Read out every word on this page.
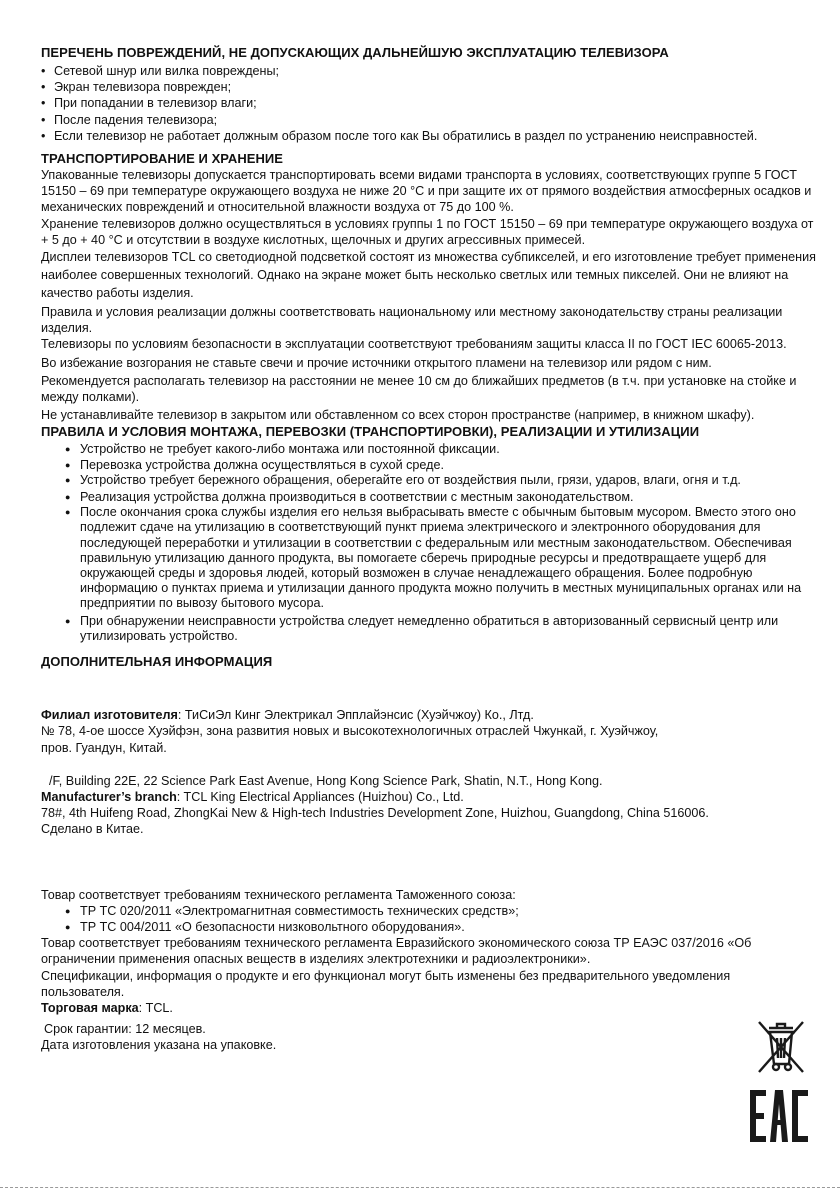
ПЕРЕЧЕНЬ ПОВРЕЖДЕНИЙ, НЕ ДОПУСКАЮЩИХ ДАЛЬНЕЙШУЮ ЭКСПЛУАТАЦИЮ ТЕЛЕВИЗОРА
• Сетевой шнур или вилка повреждены;
• Экран телевизора поврежден;
• При попадании в телевизор влаги;
• После падения телевизора;
• Если телевизор не работает должным образом после того как Вы обратились в раздел по устранению неисправностей.
ТРАНСПОРТИРОВАНИЕ И ХРАНЕНИЕ

Упакованные телевизоры допускается транспортировать всеми видами транспорта в условиях, соответствующих группе 5 ГОСТ 15150 – 69 при температуре окружающего воздуха не ниже 20 °С и при защите их от прямого воздействия атмосферных осадков и механических повреждений и относительной влажности воздуха от 75 до 100 %.

Хранение телевизоров должно осуществляться в условиях группы 1 по ГОСТ 15150 – 69 при температуре окружающего воздуха от + 5 до + 40 °С и отсутствии в воздухе кислотных, щелочных и других агрессивных примесей.

Дисплеи телевизоров TCL со светодиодной подсветкой состоят из множества субпикселей, и его изготовление требует применения наиболее совершенных технологий. Однако на экране может быть несколько светлых или темных пикселей. Они не влияют на качество работы изделия.

Правила и условия реализации должны соответствовать национальному или местному законодательству страны реализации изделия.

Телевизоры по условиям безопасности в эксплуатации соответствуют требованиям защиты класса II по ГОСТ IEC 60065-2013.

Во избежание возгорания не ставьте свечи и прочие источники открытого пламени на телевизор или рядом с ним.

Рекомендуется располагать телевизор на расстоянии не менее 10 см до ближайших предметов (в т.ч. при установке на стойке и между полками).

Не устанавливайте телевизор в закрытом или обставленном со всех сторон пространстве (например, в книжном шкафу).

ПРАВИЛА И УСЛОВИЯ МОНТАЖА, ПЕРЕВОЗКИ (ТРАНСПОРТИРОВКИ), РЕАЛИЗАЦИИ И УТИЛИЗАЦИИ
● Устройство не требует какого-либо монтажа или постоянной фиксации.
● Перевозка устройства должна осуществляться в сухой среде.
● Устройство требует бережного обращения, оберегайте его от воздействия пыли, грязи, ударов, влаги, огня и т.д.
● Реализация устройства должна производиться в соответствии с местным законодательством.
● После окончания срока службы изделия его нельзя выбрасывать вместе с обычным бытовым мусором. Вместо этого оно подлежит сдаче на утилизацию в соответствующий пункт приема электрического и электронного оборудования для последующей переработки и утилизации в соответствии с федеральным или местным законодательством. Обеспечивая правильную утилизацию данного продукта, вы помогаете сберечь природные ресурсы и предотвращаете ущерб для окружающей среды и здоровья людей, который возможен в случае ненадлежащего обращения. Более подробную информацию о пунктах приема и утилизации данного продукта можно получить в местных муниципальных органах или на предприятии по вывозу бытового мусора.
● При обнаружении неисправности устройства следует немедленно обратиться в авторизованный сервисный центр или утилизировать устройство.
ДОПОЛНИТЕЛЬНАЯ ИНФОРМАЦИЯ

Филиал изготовителя: ТиСиЭл Кинг Электрикал Эпплайэнсис (Хуэйчжоу) Ко., Лтд.

№ 78, 4-ое шоссе Хуэйфэн, зона развития новых и высокотехнологичных отраслей Чжункай, г. Хуэйчжоу,

пров. Гуандун, Китай.

/F, Building 22E, 22 Science Park East Avenue, Hong Kong Science Park, Shatin, N.T., Hong Kong.

Manufacturer’s branch: TCL King Electrical Appliances (Huizhou) Co., Ltd.

78#, 4th Huifeng Road, ZhongKai New & High-tech Industries Development Zone, Huizhou, Guangdong, China 516006.

Сделано в Китае.

Товар соответствует требованиям технического регламента Таможенного союза:

● ТР ТС 020/2011 «Электромагнитная совместимость технических средств»;
● ТР ТС 004/2011 «О безопасности низковольтного оборудования».

Товар соответствует требованиям технического регламента Евразийского экономического союза ТР ЕАЭС 037/2016 «Об ограничении применения опасных веществ в изделиях электротехники и радиоэлектроники».

Спецификации, информация о продукте и его функционал могут быть изменены без предварительного уведомления пользователя.

Торговая марка: TCL.

Срок гарантии: 12 месяцев.

Дата изготовления указана на упаковке.
